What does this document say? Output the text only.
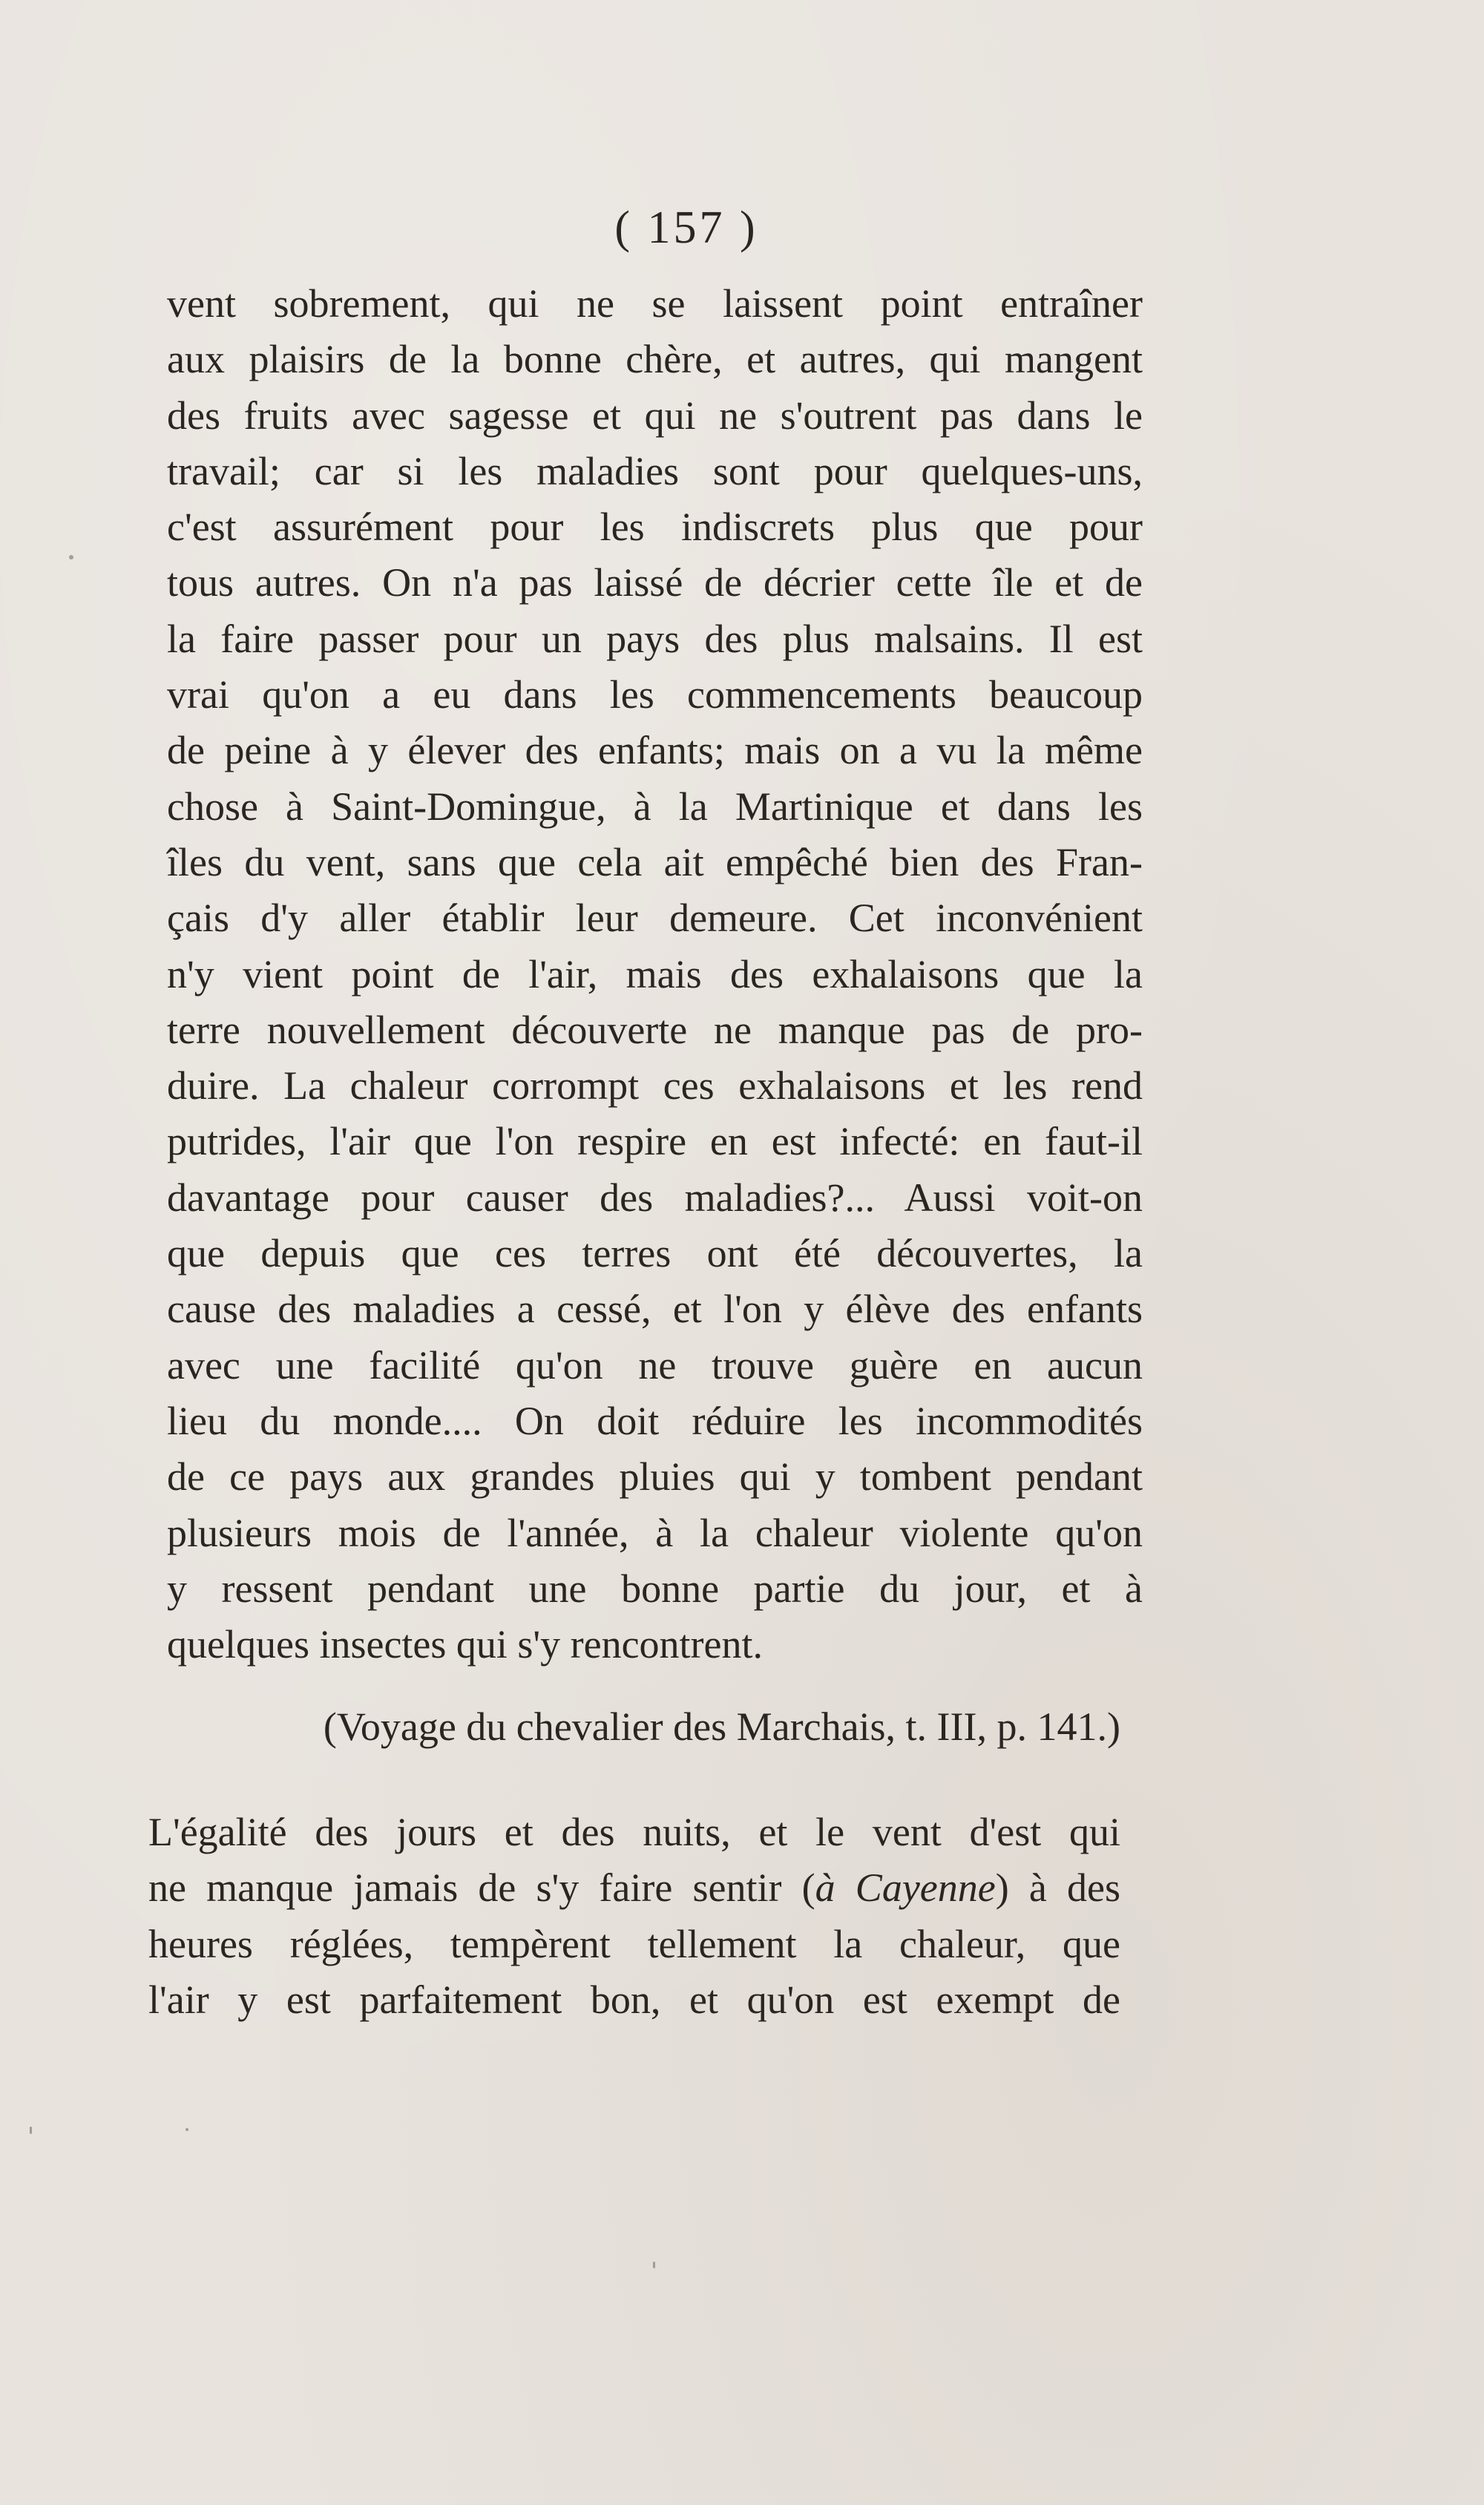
( 157 )
vent sobrement, qui ne se laissent point entraîner
aux plaisirs de la bonne chère, et autres, qui mangent
des fruits avec sagesse et qui ne s'outrent pas dans le
travail; car si les maladies sont pour quelques-uns,
c'est assurément pour les indiscrets plus que pour
tous autres. On n'a pas laissé de décrier cette île et de
la faire passer pour un pays des plus malsains. Il est
vrai qu'on a eu dans les commencements beaucoup
de peine à y élever des enfants; mais on a vu la même
chose à Saint-Domingue, à la Martinique et dans les
îles du vent, sans que cela ait empêché bien des Fran-
çais d'y aller établir leur demeure. Cet inconvénient
n'y vient point de l'air, mais des exhalaisons que la
terre nouvellement découverte ne manque pas de pro-
duire. La chaleur corrompt ces exhalaisons et les rend
putrides, l'air que l'on respire en est infecté: en faut-il
davantage pour causer des maladies?... Aussi voit-on
que depuis que ces terres ont été découvertes, la
cause des maladies a cessé, et l'on y élève des enfants
avec une facilité qu'on ne trouve guère en aucun
lieu du monde.... On doit réduire les incommodités
de ce pays aux grandes pluies qui y tombent pendant
plusieurs mois de l'année, à la chaleur violente qu'on
y ressent pendant une bonne partie du jour, et à
quelques insectes qui s'y rencontrent.
(Voyage du chevalier des Marchais, t. III, p. 141.)
L'égalité des jours et des nuits, et le vent d'est qui
ne manque jamais de s'y faire sentir (à Cayenne) à des
heures réglées, tempèrent tellement la chaleur, que
l'air y est parfaitement bon, et qu'on est exempt de
